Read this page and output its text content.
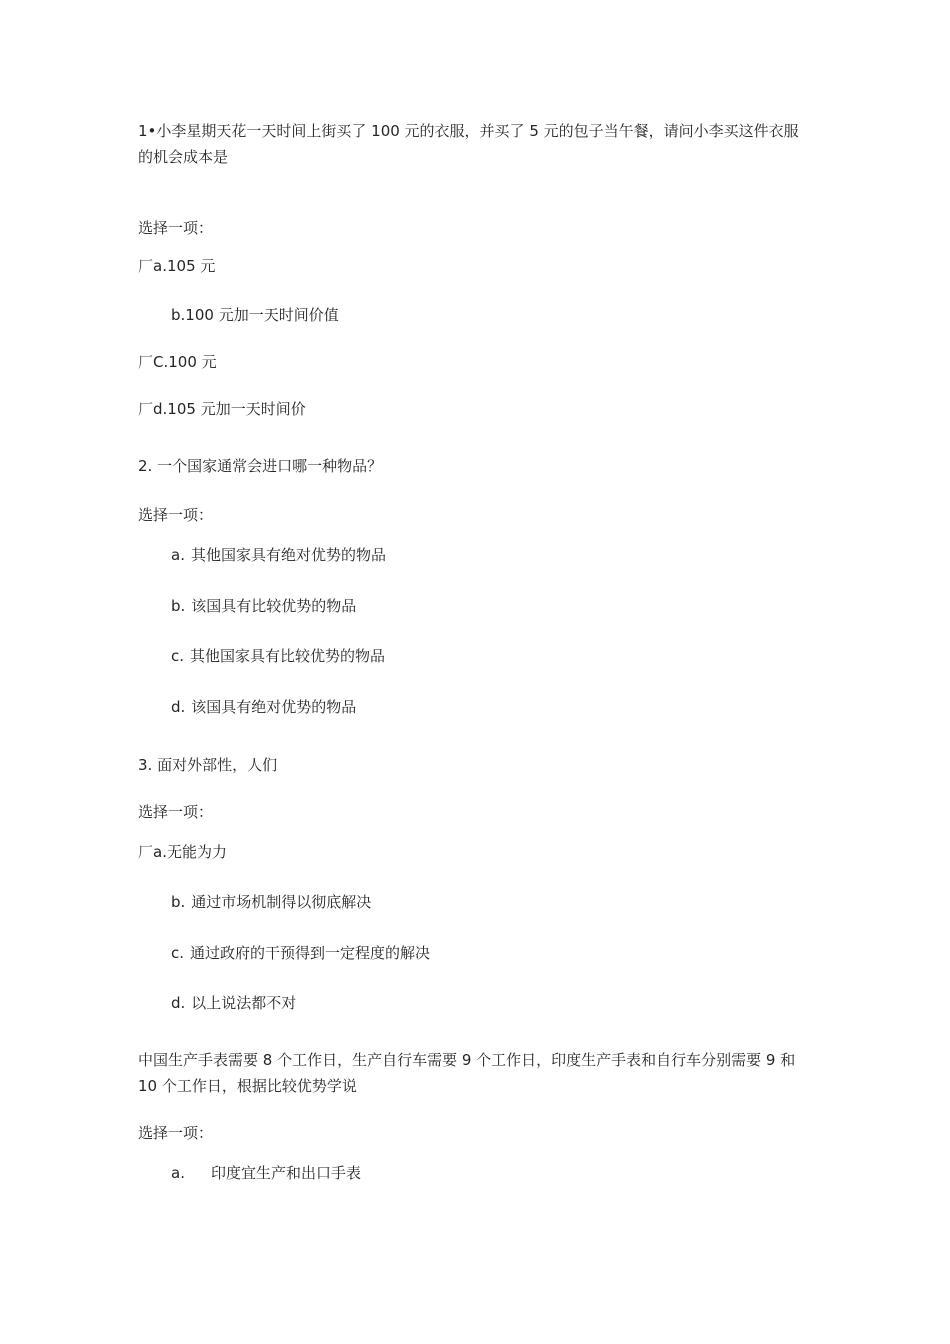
1•小李星期天花一天时间上街买了 100 元的衣服，并买了 5 元的包子当午餐，请问小李买这件衣服的机会成本是
选择一项：
厂a.105 元
b.100 元加一天时间价值
厂C.100 元
厂d.105 元加一天时间价
2. 一个国家通常会进口哪一种物品？
选择一项：
a. 其他国家具有绝对优势的物品
b. 该国具有比较优势的物品
c. 其他国家具有比较优势的物品
d. 该国具有绝对优势的物品
3. 面对外部性，人们
选择一项：
厂a.无能为力
b. 通过市场机制得以彻底解决
c. 通过政府的干预得到一定程度的解决
d. 以上说法都不对
中国生产手表需要 8 个工作日，生产自行车需要 9 个工作日，印度生产手表和自行车分别需要 9 和 10 个工作日，根据比较优势学说
选择一项：
a. 印度宜生产和出口手表
